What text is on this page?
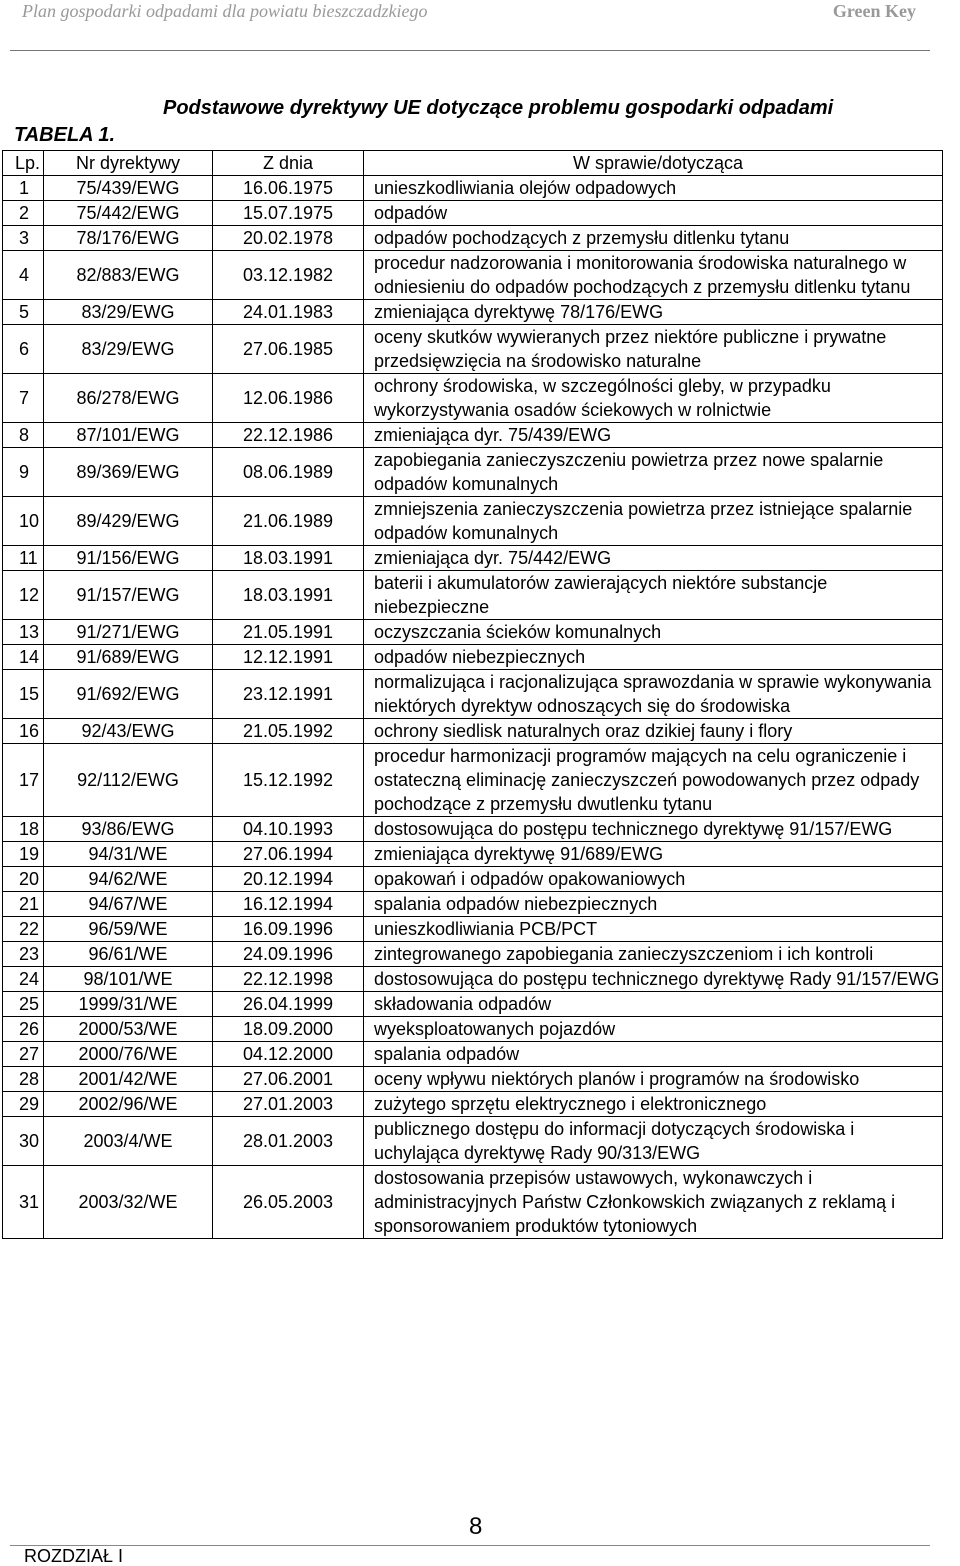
Plan gospodarki odpadami dla powiatu bieszczadzkiego	Green Key
TABELA 1.
Podstawowe dyrektywy UE dotyczące problemu gospodarki odpadami
Lp.	Nr dyrektywy	Z dnia	W sprawie/dotycząca
1	75/439/EWG	16.06.1975	unieszkodliwiania olejów odpadowych
2	75/442/EWG	15.07.1975	odpadów
3	78/176/EWG	20.02.1978	odpadów pochodzących z przemysłu ditlenku tytanu
4	82/883/EWG	03.12.1982	procedur nadzorowania i monitorowania środowiska naturalnego w odniesieniu do odpadów pochodzących z przemysłu ditlenku tytanu
5	83/29/EWG	24.01.1983	zmieniająca dyrektywę 78/176/EWG
6	83/29/EWG	27.06.1985	oceny skutków wywieranych przez niektóre publiczne i prywatne przedsięwzięcia na środowisko naturalne
7	86/278/EWG	12.06.1986	ochrony środowiska, w szczególności gleby, w przypadku wykorzystywania osadów ściekowych w rolnictwie
8	87/101/EWG	22.12.1986	zmieniająca dyr. 75/439/EWG
9	89/369/EWG	08.06.1989	zapobiegania zanieczyszczeniu powietrza przez nowe spalarnie odpadów komunalnych
10	89/429/EWG	21.06.1989	zmniejszenia zanieczyszczenia powietrza przez istniejące spalarnie odpadów komunalnych
11	91/156/EWG	18.03.1991	zmieniająca dyr. 75/442/EWG
12	91/157/EWG	18.03.1991	baterii i akumulatorów zawierających niektóre substancje niebezpieczne
13	91/271/EWG	21.05.1991	oczyszczania ścieków komunalnych
14	91/689/EWG	12.12.1991	odpadów niebezpiecznych
15	91/692/EWG	23.12.1991	normalizująca i racjonalizująca sprawozdania w sprawie wykonywania niektórych dyrektyw odnoszących się do środowiska
16	92/43/EWG	21.05.1992	ochrony siedlisk naturalnych oraz dzikiej fauny i flory
17	92/112/EWG	15.12.1992	procedur harmonizacji programów mających na celu ograniczenie i ostateczną eliminację zanieczyszczeń powodowanych przez odpady pochodzące z przemysłu dwutlenku tytanu
18	93/86/EWG	04.10.1993	dostosowująca do postępu technicznego dyrektywę 91/157/EWG
19	94/31/WE	27.06.1994	zmieniająca dyrektywę 91/689/EWG
20	94/62/WE	20.12.1994	opakowań i odpadów opakowaniowych
21	94/67/WE	16.12.1994	spalania odpadów niebezpiecznych
22	96/59/WE	16.09.1996	unieszkodliwiania PCB/PCT
23	96/61/WE	24.09.1996	zintegrowanego zapobiegania zanieczyszczeniom i ich kontroli
24	98/101/WE	22.12.1998	dostosowująca do postępu technicznego dyrektywę Rady 91/157/EWG
25	1999/31/WE	26.04.1999	składowania odpadów
26	2000/53/WE	18.09.2000	wyeksploatowanych pojazdów
27	2000/76/WE	04.12.2000	spalania odpadów
28	2001/42/WE	27.06.2001	oceny wpływu niektórych planów i programów na środowisko
29	2002/96/WE	27.01.2003	zużytego sprzętu elektrycznego i elektronicznego
30	2003/4/WE	28.01.2003	publicznego dostępu do informacji dotyczących środowiska i uchylająca dyrektywę Rady 90/313/EWG
31	2003/32/WE	26.05.2003	dostosowania przepisów ustawowych, wykonawczych i administracyjnych Państw Członkowskich związanych z reklamą i sponsorowaniem produktów tytoniowych
8
ROZDZIAŁ I
